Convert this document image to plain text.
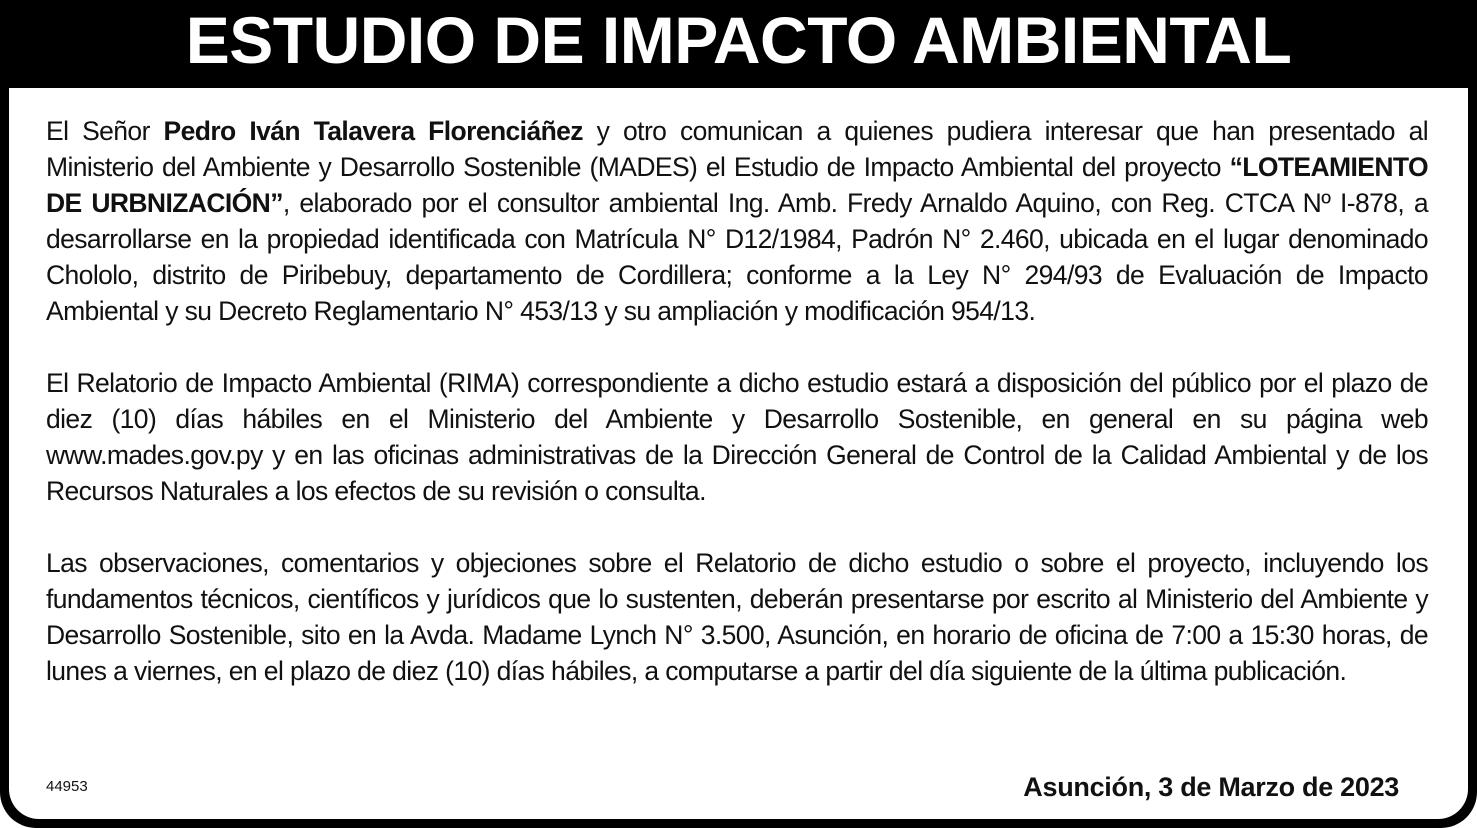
ESTUDIO DE IMPACTO AMBIENTAL

El Señor Pedro Iván Talavera Florenciáñez y otro comunican a quienes pudiera interesar que han presentado al Ministerio del Ambiente y Desarrollo Sostenible (MADES) el Estudio de Impacto Ambiental del proyecto “LOTEAMIENTO DE URBNIZACIÓN”, elaborado por el consultor ambiental Ing. Amb. Fredy Arnaldo Aquino, con Reg. CTCA Nº I-878, a desarrollarse en la propiedad identificada con Matrícula N° D12/1984, Padrón N° 2.460, ubicada en el lugar denominado Chololo, distrito de Piribebuy, departamento de Cordillera; conforme a la Ley N° 294/93 de Evaluación de Impacto Ambiental y su Decreto Reglamentario N° 453/13 y su ampliación y modificación 954/13.

El Relatorio de Impacto Ambiental (RIMA) correspondiente a dicho estudio estará a disposición del público por el plazo de diez (10) días hábiles en el Ministerio del Ambiente y Desarrollo Sostenible, en general en su página web www.mades.gov.py y en las oficinas administrativas de la Dirección General de Control de la Calidad Ambiental y de los Recursos Naturales a los efectos de su revisión o consulta.

Las observaciones, comentarios y objeciones sobre el Relatorio de dicho estudio o sobre el proyecto, incluyendo los fundamentos técnicos, científicos y jurídicos que lo sustenten, deberán presentarse por escrito al Ministerio del Ambiente y Desarrollo Sostenible, sito en la Avda. Madame Lynch N° 3.500, Asunción, en horario de oficina de 7:00 a 15:30 horas, de lunes a viernes, en el plazo de diez (10) días hábiles, a computarse a partir del día siguiente de la última publicación.

44953	Asunción, 3 de Marzo de 2023
